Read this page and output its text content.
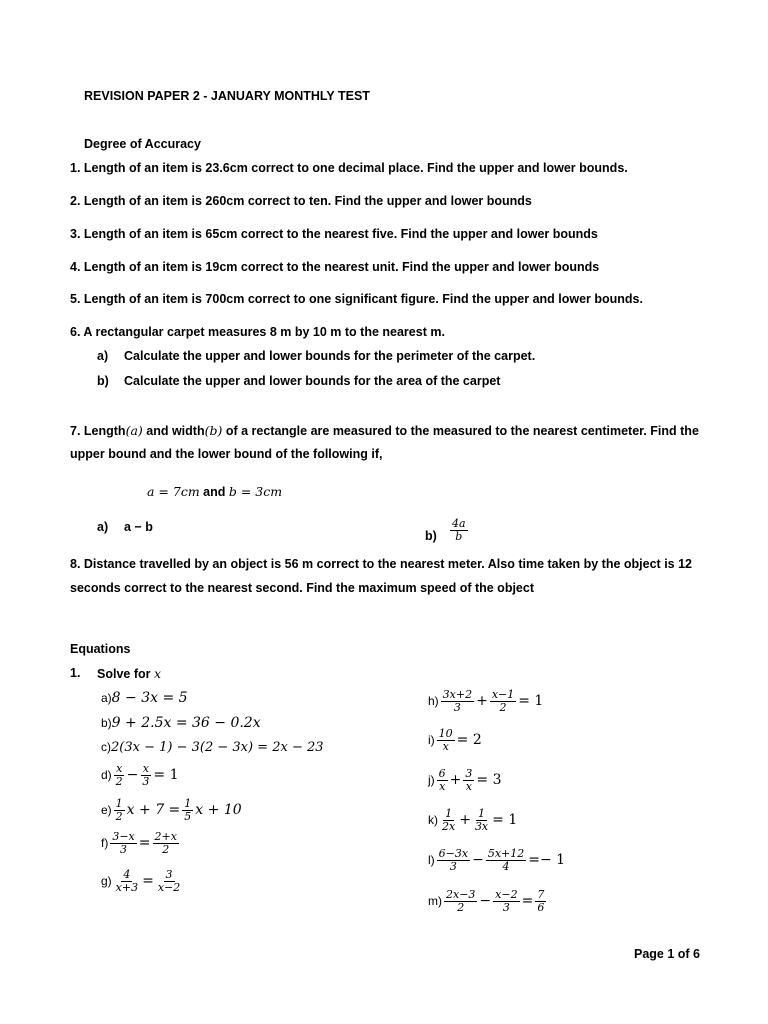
REVISION PAPER 2 - JANUARY MONTHLY TEST
Degree of Accuracy
1. Length of an item is 23.6cm correct to one decimal place. Find the upper and lower bounds.
2. Length of an item is 260cm correct to ten. Find the upper and lower bounds
3. Length of an item is 65cm correct to the nearest five. Find the upper and lower bounds
4. Length of an item is 19cm correct to the nearest unit. Find the upper and lower bounds
5. Length of an item is 700cm correct to one significant figure. Find the upper and lower bounds.
6. A rectangular carpet measures 8 m by 10 m to the nearest m.
a) Calculate the upper and lower bounds for the perimeter of the carpet.
b) Calculate the upper and lower bounds for the area of the carpet
7. Length(a) and width(b) of a rectangle are measured to the measured to the nearest centimeter. Find the
upper bound and the lower bound of the following if,
a = 7cm and b = 3cm
a) a − b
$b) \frac{4a}{b}$
8. Distance travelled by an object is 56 m correct to the nearest meter. Also time taken by the object is 12
seconds correct to the nearest second. Find the maximum speed of the object
Equations
1. Solve for x
a)8 − 3x = 5
b)9 + 2.5x = 36 − 0.2x
c)2(3x − 1) − 3(2 − 3x) = 2x − 23
$d) \frac{x}{2} - \frac{x}{3} = 1$
$e) \frac{1}{2}$ $x + 7 = \frac{1}{5}$ x + 10
$f) \frac{3-x}{3} = \frac{2+x}{2}$
$g) \frac{4}{x+3} = \frac{3}{x-2}$
$h) \frac{3x+2}{3} + \frac{x-1}{2} = 1$
$i) \frac{10}{x} = 2$
$j) \frac{6}{x} + \frac{3}{x} = 3$
$k) \frac{1}{2x} + \frac{1}{3x} = 1$
$l) \frac{6-3x}{3} - \frac{5x+12}{4} =- 1$
$m) \frac{2x-3}{2} - \frac{x-2}{3} = \frac{7}{6}$
Page 1 of 6
